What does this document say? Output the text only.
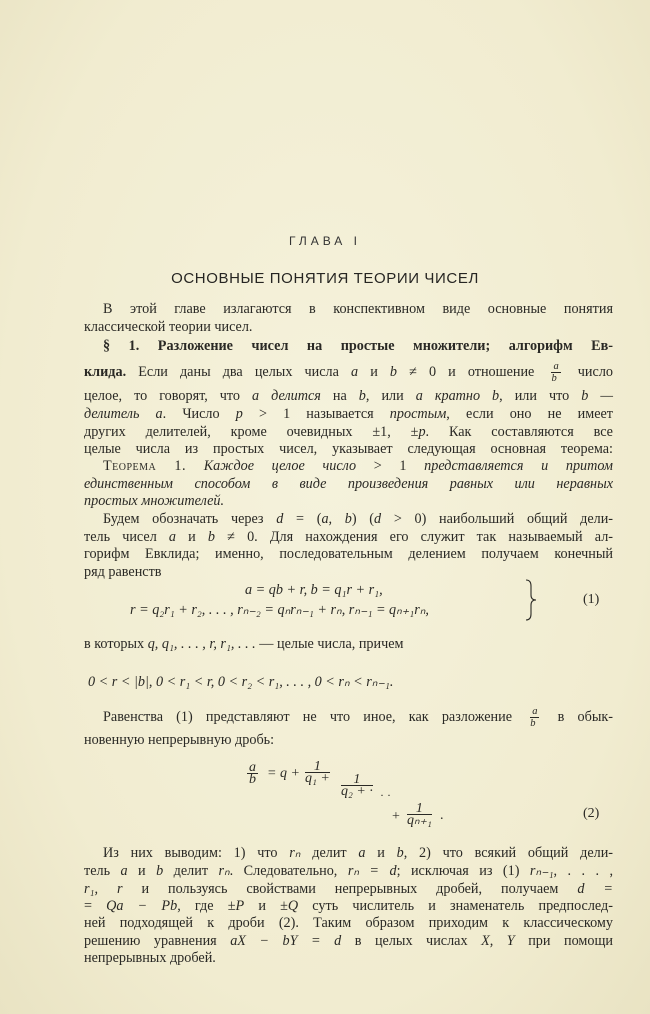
ГЛАВА I
ОСНОВНЫЕ ПОНЯТИЯ ТЕОРИИ ЧИСЕЛ
В этой главе излагаются в конспективном виде основные понятия
классической теории чисел.
§ 1. Разложение чисел на простые множители; алгорифм Ев-
клида. Если даны два целых числа a и b ≠ 0 и отношение $\frac{a}{b}$ число
целое, то говорят, что a делится на b, или a кратно b, или что b —
делитель a. Число p > 1 называется простым, если оно не имеет
других делителей, кроме очевидных ±1, ±p. Как составляются все
целые числа из простых чисел, указывает следующая основная теорема:
Теорема 1. Каждое целое число > 1 представляется и притом
единственным способом в виде произведения равных или неравных
простых множителей.
Будем обозначать через d = (a, b) (d > 0) наибольший общий дели-
тель чисел a и b ≠ 0. Для нахождения его служит так называемый ал-
горифм Евклида; именно, последовательным делением получаем конечный
ряд равенств
a = qb + r, b = q₁r + r₁,
r = q₂r₁ + r₂, . . . , rₙ₋₂ = qₙrₙ₋₁ + rₙ, rₙ₋₁ = qₙ₊₁rₙ,
в которых q, q₁, . . . , r, r₁, . . . — целые числа, причем
0 < r < |b|, 0 < r₁ < r, 0 < r₂ < r₁, . . . , 0 < rₙ < rₙ₋₁.
Равенства (1) представляют не что иное, как разложение $\frac{a}{b}$ в обык-
новенную непрерывную дробь:
Из них выводим: 1) что rₙ делит a и b, 2) что всякий общий дели-
тель a и b делит rₙ. Следовательно, rₙ = d; исключая из (1) rₙ₋₁, . . . ,
r₁, r и пользуясь свойствами непрерывных дробей, получаем d =
= Qa − Pb, где ±P и ±Q суть числитель и знаменатель предпослед-
ней подходящей к дроби (2). Таким образом приходим к классическому
решению уравнения aX − bY = d в целых числах X, Y при помощи
непрерывных дробей.
(1)
a
b = q +	1
q₁ +	1
q₂ + · · ·
+
1
qₙ₊₁ .	(2)
